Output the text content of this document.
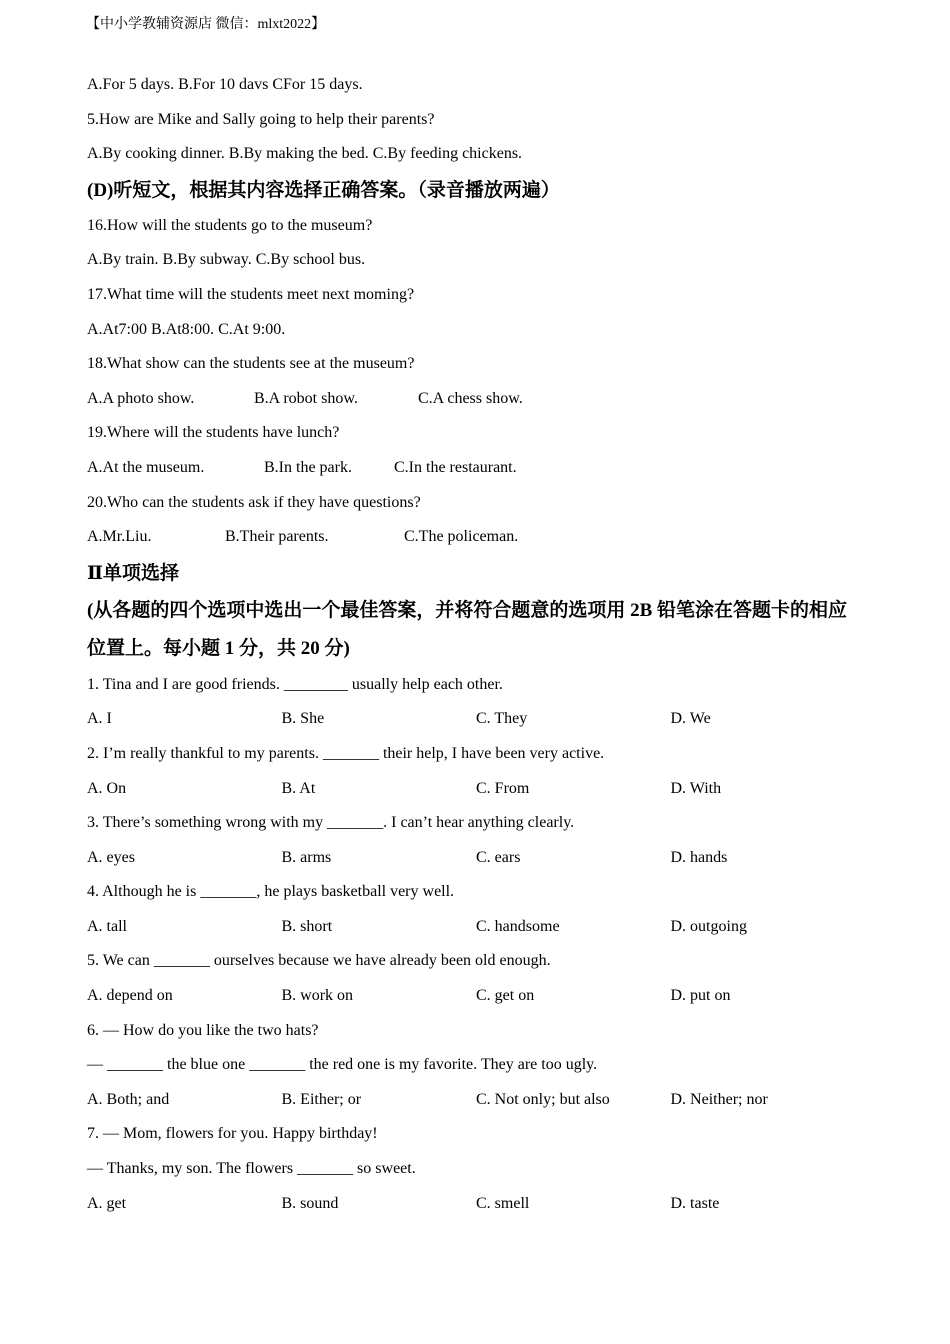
【中小学教辅资源店 微信：mlxt2022】
A.For 5 days. B.For 10 davs CFor 15 days.
5.How are Mike and Sally going to help their parents?
A.By cooking dinner. B.By making the bed. C.By feeding chickens.
(D)听短文，根据其内容选择正确答案。（录音播放两遍）
16.How will the students go to the museum?
A.By train. B.By subway. C.By school bus.
17.What time will the students meet next moming?
A.At7:00 B.At8:00. C.At 9:00.
18.What show can the students see at the museum?
A.A photo show.	B.A robot show.	C.A chess show.
19.Where will the students have lunch?
A.At the museum.	B.In the park.	C.In the restaurant.
20.Who can the students ask if they have questions?
A.Mr.Liu.	B.Their parents.	C.The policeman.
Ⅱ单项选择
(从各题的四个选项中选出一个最佳答案，并将符合题意的选项用 2B 铅笔涂在答题卡的相应
位置上。每小题 1 分，共 20 分)
1. Tina and I are good friends. ________ usually help each other.
A. I	B. She	C. They	D. We
2. I’m really thankful to my parents. _______ their help, I have been very active.
A. On	B. At	C. From	D. With
3. There’s something wrong with my _______. I can’t hear anything clearly.
A. eyes	B. arms	C. ears	D. hands
4. Although he is _______, he plays basketball very well.
A. tall	B. short	C. handsome	D. outgoing
5. We can _______ ourselves because we have already been old enough.
A. depend on	B. work on	C. get on	D. put on
6. — How do you like the two hats?
— _______ the blue one _______ the red one is my favorite. They are too ugly.
A. Both; and	B. Either; or	C. Not only; but also	D. Neither; nor
7. — Mom, flowers for you. Happy birthday!
— Thanks, my son. The flowers _______ so sweet.
A. get	B. sound	C. smell	D. taste
